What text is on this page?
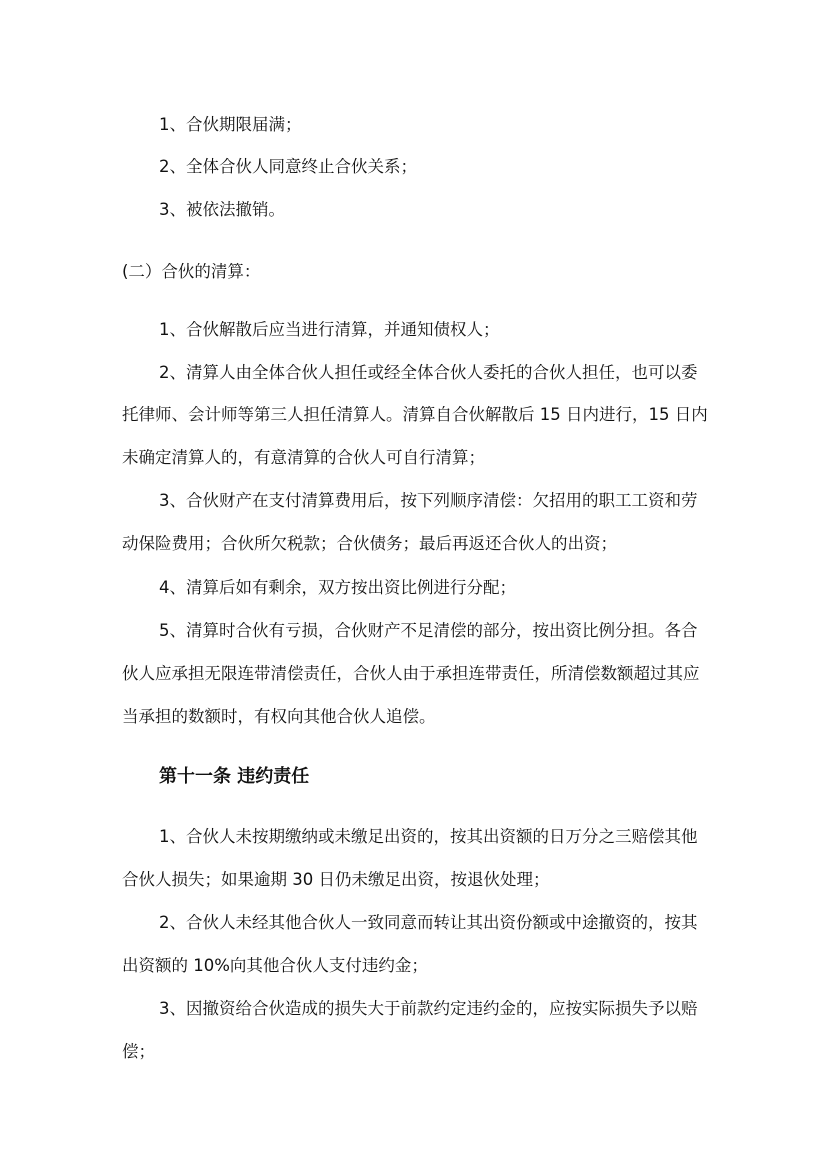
1、合伙期限届满；
2、全体合伙人同意终止合伙关系；
3、被依法撤销。
(二）合伙的清算：
1、合伙解散后应当进行清算，并通知债权人；
2、清算人由全体合伙人担任或经全体合伙人委托的合伙人担任，也可以委
托律师、会计师等第三人担任清算人。清算自合伙解散后 15 日内进行，15 日内
未确定清算人的，有意清算的合伙人可自行清算；
3、合伙财产在支付清算费用后，按下列顺序清偿：欠招用的职工工资和劳
动保险费用；合伙所欠税款；合伙债务；最后再返还合伙人的出资；
4、清算后如有剩余，双方按出资比例进行分配；
5、清算时合伙有亏损，合伙财产不足清偿的部分，按出资比例分担。各合
伙人应承担无限连带清偿责任，合伙人由于承担连带责任，所清偿数额超过其应
当承担的数额时，有权向其他合伙人追偿。
第十一条 违约责任
1、合伙人未按期缴纳或未缴足出资的，按其出资额的日万分之三赔偿其他
合伙人损失；如果逾期 30 日仍未缴足出资，按退伙处理；
2、合伙人未经其他合伙人一致同意而转让其出资份额或中途撤资的，按其
出资额的 10%向其他合伙人支付违约金；
3、因撤资给合伙造成的损失大于前款约定违约金的，应按实际损失予以赔
偿；
